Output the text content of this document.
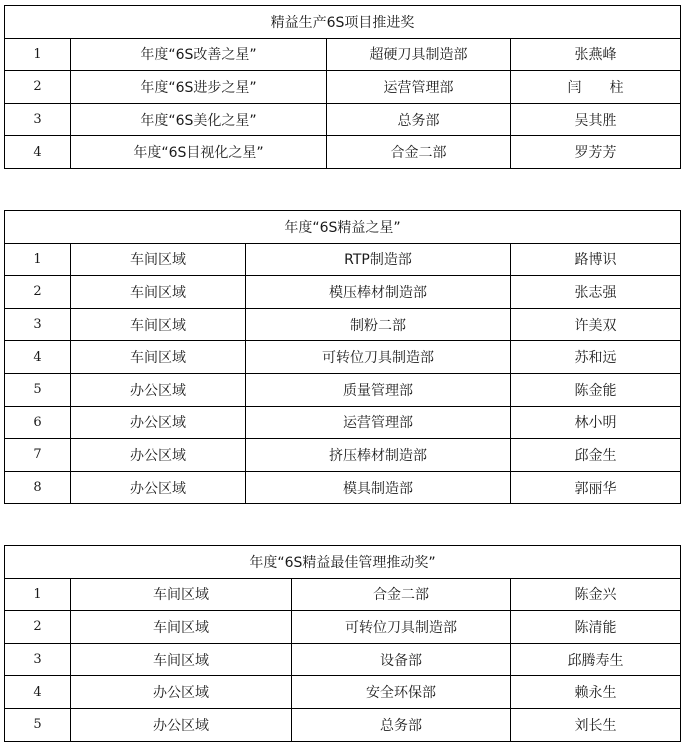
精益生产6S项目推进奖			
1	年度“6S改善之星”	超硬刀具制造部	张燕峰
2	年度“6S进步之星”	运营管理部	闫　　柱
3	年度“6S美化之星”	总务部	吴其胜
4	年度“6S目视化之星”	合金二部	罗芳芳
年度“6S精益之星”			
1	车间区域	RTP制造部	路博识
2	车间区域	模压棒材制造部	张志强
3	车间区域	制粉二部	许美双
4	车间区域	可转位刀具制造部	苏和远
5	办公区域	质量管理部	陈金能
6	办公区域	运营管理部	林小明
7	办公区域	挤压棒材制造部	邱金生
8	办公区域	模具制造部	郭丽华
年度“6S精益最佳管理推动奖”			
1	车间区域	合金二部	陈金兴
2	车间区域	可转位刀具制造部	陈清能
3	车间区域	设备部	邱腾寿生
4	办公区域	安全环保部	赖永生
5	办公区域	总务部	刘长生
